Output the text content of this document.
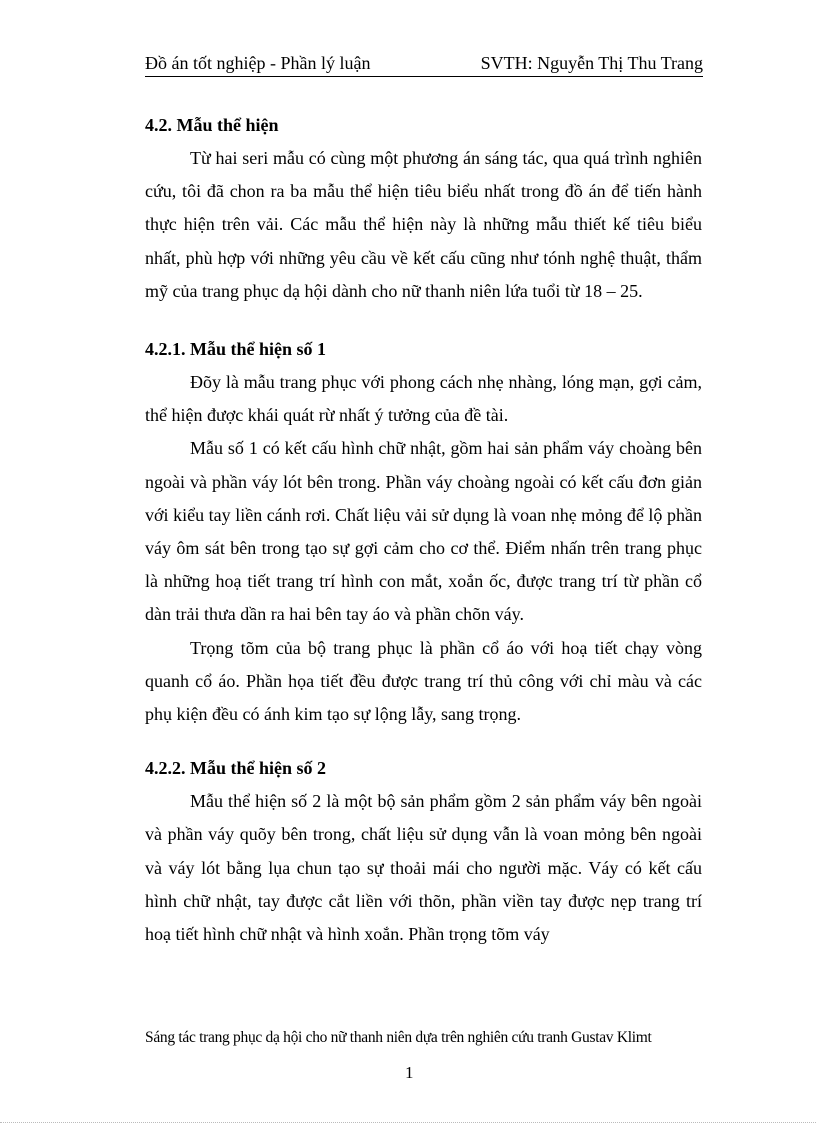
Đồ án tốt nghiệp - Phần lý luận	SVTH: Nguyễn Thị Thu Trang
4.2. Mẫu thể hiện

Từ hai seri mẫu có cùng một phương án sáng tác, qua quá trình nghiên cứu, tôi đã chon ra ba mẫu thể hiện tiêu biểu nhất trong đồ án để tiến hành thực hiện trên vải. Các mẫu thể hiện này là những mẫu thiết kế tiêu biểu nhất, phù hợp với những yêu cầu về kết cấu cũng như tónh nghệ thuật, thẩm mỹ của trang phục dạ hội dành cho nữ thanh niên lứa tuổi từ 18 – 25.

4.2.1. Mẫu thể hiện số 1

Đõy là mẫu trang phục với phong cách nhẹ nhàng, lóng mạn, gợi cảm, thể hiện được khái quát rừ nhất ý tưởng của đề tài.

Mẫu số 1 có kết cấu hình chữ nhật, gồm hai sản phẩm váy choàng bên ngoài và phần váy lót bên trong. Phần váy choàng ngoài có kết cấu đơn giản với kiểu tay liền cánh rơi. Chất liệu vải sử dụng là voan nhẹ mỏng để lộ phần váy ôm sát bên trong tạo sự gợi cảm cho cơ thể. Điểm nhấn trên trang phục là những hoạ tiết trang trí hình con mắt, xoắn ốc, được trang trí từ phần cổ dàn trải thưa dần ra hai bên tay áo và phần chõn váy.

Trọng tõm của bộ trang phục là phần cổ áo với hoạ tiết chạy vòng quanh cổ áo. Phần họa tiết đều được trang trí thủ công với chỉ màu và các phụ kiện đều có ánh kim tạo sự lộng lẫy, sang trọng.

4.2.2. Mẫu thể hiện số 2

Mẫu thể hiện số 2 là một bộ sản phẩm gồm 2 sản phẩm váy bên ngoài và phần váy quõy bên trong, chất liệu sử dụng vẫn là voan mỏng bên ngoài và váy lót bằng lụa chun tạo sự thoải mái cho người mặc. Váy có kết cấu hình chữ nhật, tay được cắt liền với thõn, phần viền tay được nẹp trang trí hoạ tiết hình chữ nhật và hình xoắn. Phần trọng tõm váy

Sáng tác trang phục dạ hội cho nữ thanh niên dựa trên nghiên cứu tranh Gustav Klimt
1
